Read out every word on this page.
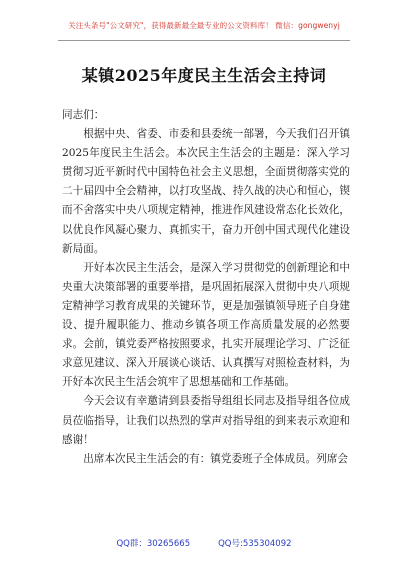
关注头条号"公文研究"，获得最新最全最专业的公文资料库！ 微信：gongwenyj
某镇2025年度民主生活会主持词

同志们：

根据中央、省委、市委和县委统一部署，今天我们召开镇2025年度民主生活会。本次民主生活会的主题是：深入学习贯彻习近平新时代中国特色社会主义思想，全面贯彻落实党的二十届四中全会精神，以打攻坚战、持久战的决心和恒心，锲而不舍落实中央八项规定精神，推进作风建设常态化长效化，以优良作风凝心聚力、真抓实干，奋力开创中国式现代化建设新局面。

开好本次民主生活会，是深入学习贯彻党的创新理论和中央重大决策部署的重要举措，是巩固拓展深入贯彻中央八项规定精神学习教育成果的关键环节，更是加强镇领导班子自身建设、提升履职能力、推动乡镇各项工作高质量发展的必然要求。会前，镇党委严格按照要求，扎实开展理论学习、广泛征求意见建议、深入开展谈心谈话、认真撰写对照检查材料，为开好本次民主生活会筑牢了思想基础和工作基础。

今天会议有幸邀请到县委指导组组长同志及指导组各位成员莅临指导，让我们以热烈的掌声对指导组的到来表示欢迎和感谢！

出席本次民主生活会的有：镇党委班子全体成员。列席会

QQ群：30265665	QQ号:535304092
